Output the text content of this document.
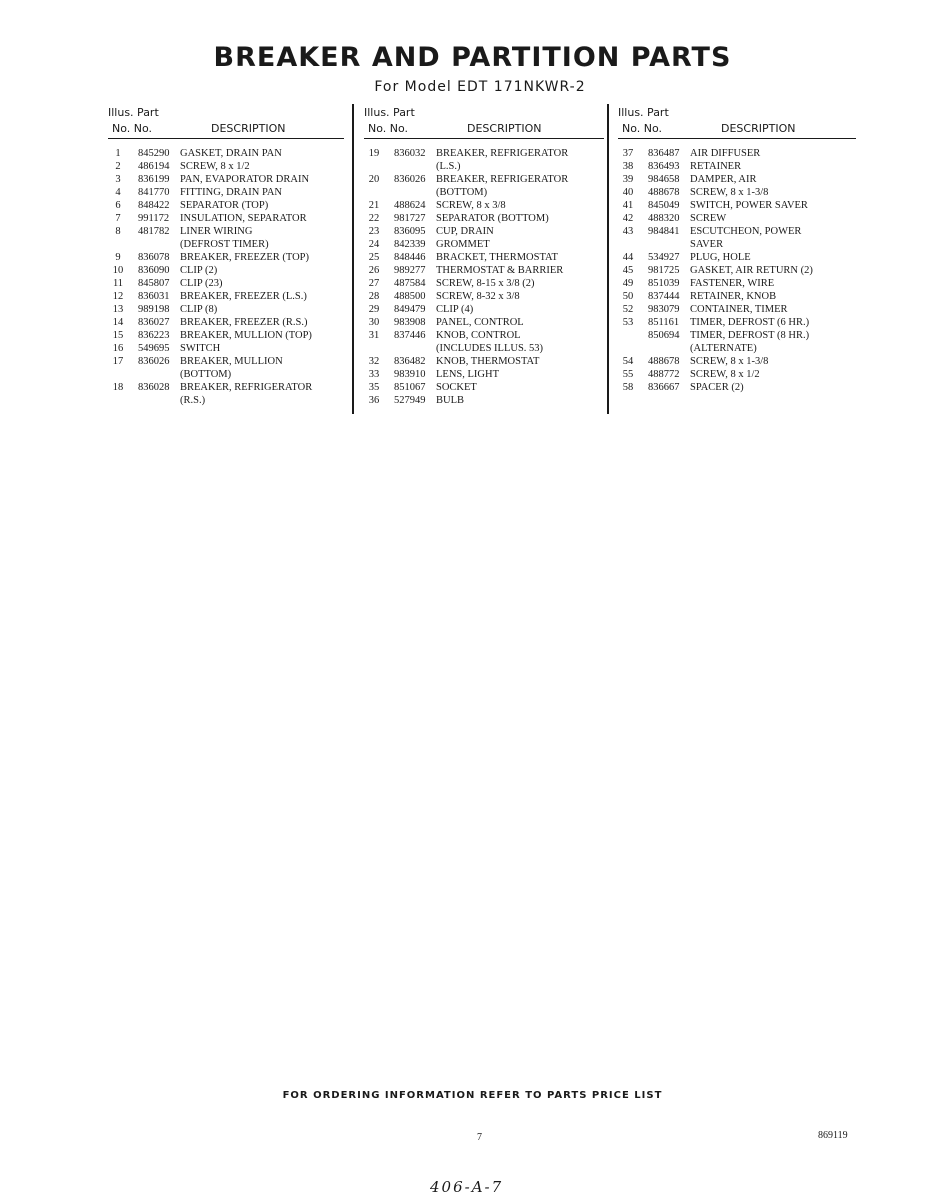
BREAKER AND PARTITION PARTS
For Model EDT 171NKWR-2
Illus. Part
No. No.	DESCRIPTION
1	845290	GASKET, DRAIN PAN
2	486194	SCREW, 8 x 1/2
3	836199	PAN, EVAPORATOR DRAIN
4	841770	FITTING, DRAIN PAN
6	848422	SEPARATOR (TOP)
7	991172	INSULATION, SEPARATOR
8	481782	LINER WIRING
(DEFROST TIMER)
9	836078	BREAKER, FREEZER (TOP)
10	836090	CLIP (2)
11	845807	CLIP (23)
12	836031	BREAKER, FREEZER (L.S.)
13	989198	CLIP (8)
14	836027	BREAKER, FREEZER (R.S.)
15	836223	BREAKER, MULLION (TOP)
16	549695	SWITCH
17	836026	BREAKER, MULLION
(BOTTOM)
18	836028	BREAKER, REFRIGERATOR
(R.S.)
Illus. Part
No. No.	DESCRIPTION
19	836032	BREAKER, REFRIGERATOR
(L.S.)
20	836026	BREAKER, REFRIGERATOR
(BOTTOM)
21	488624	SCREW, 8 x 3/8
22	981727	SEPARATOR (BOTTOM)
23	836095	CUP, DRAIN
24	842339	GROMMET
25	848446	BRACKET, THERMOSTAT
26	989277	THERMOSTAT & BARRIER
27	487584	SCREW, 8-15 x 3/8 (2)
28	488500	SCREW, 8-32 x 3/8
29	849479	CLIP (4)
30	983908	PANEL, CONTROL
31	837446	KNOB, CONTROL
(INCLUDES ILLUS. 53)
32	836482	KNOB, THERMOSTAT
33	983910	LENS, LIGHT
35	851067	SOCKET
36	527949	BULB
Illus. Part
No. No.	DESCRIPTION
37	836487	AIR DIFFUSER
38	836493	RETAINER
39	984658	DAMPER, AIR
40	488678	SCREW, 8 x 1-3/8
41	845049	SWITCH, POWER SAVER
42	488320	SCREW
43	984841	ESCUTCHEON, POWER
SAVER
44	534927	PLUG, HOLE
45	981725	GASKET, AIR RETURN (2)
49	851039	FASTENER, WIRE
50	837444	RETAINER, KNOB
52	983079	CONTAINER, TIMER
53	851161	TIMER, DEFROST (6 HR.)
850694	TIMER, DEFROST (8 HR.)
(ALTERNATE)
54	488678	SCREW, 8 x 1-3/8
55	488772	SCREW, 8 x 1/2
58	836667	SPACER (2)
FOR ORDERING INFORMATION REFER TO PARTS PRICE LIST
7	869119
406-A-7
